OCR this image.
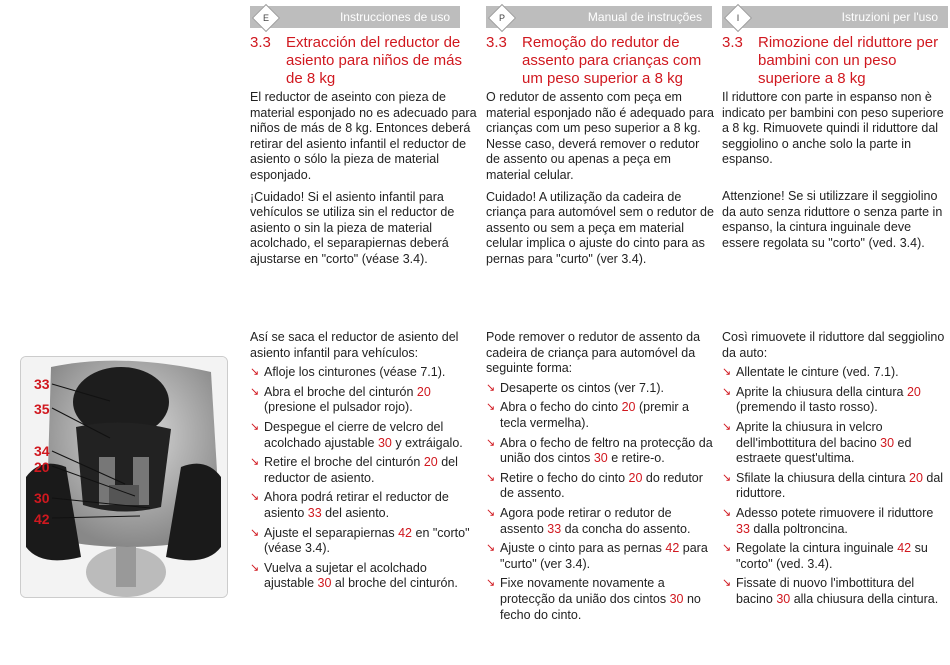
E	Instrucciones de uso
3.3 Extracción del reductor de asiento para niños de más de 8 kg

El reductor de aseinto con pieza de material esponjado no es adecuado para niños de más de 8 kg. Entonces deberá retirar del asiento infantil el reductor de asiento o sólo la pieza de material esponjado.

¡Cuidado! Si el asiento infantil para vehículos se utiliza sin el reductor de asiento o sin la pieza de material acolchado, el separapiernas deberá ajustarse en "corto" (véase 3.4).

Así se saca el reductor de asiento del asiento infantil para vehículos:

↘ Afloje los cinturones (véase 7.1).
↘ Abra el broche del cinturón 20 (presione el pulsador rojo).
↘ Despegue el cierre de velcro del acolchado ajustable 30 y extráigalo.
↘ Retire el broche del cinturón 20 del reductor de asiento.
↘ Ahora podrá retirar el reductor de asiento 33 del asiento.
↘ Ajuste el separapiernas 42 en "corto" (véase 3.4).
↘ Vuelva a sujetar el acolchado ajustable 30 al broche del cinturón.
P	Manual de instruções
3.3 Remoção do redutor de assento para crianças com um peso superior a 8 kg

O redutor de assento com peça em material esponjado não é adequado para crianças com um peso superior a 8 kg. Nesse caso, deverá remover o redutor de assento ou apenas a peça em material celular.

Cuidado! A utilização da cadeira de criança para automóvel sem o redutor de assento ou sem a peça em material celular implica o ajuste do cinto para as pernas para "curto" (ver 3.4).

Pode remover o redutor de assento da cadeira de criança para automóvel da seguinte forma:

↘ Desaperte os cintos (ver 7.1).
↘ Abra o fecho do cinto 20 (premir a tecla vermelha).
↘ Abra o fecho de feltro na protecção da união dos cintos 30 e retire-o.
↘ Retire o fecho do cinto 20 do redutor de assento.
↘ Agora pode retirar o redutor de assento 33 da concha do assento.
↘ Ajuste o cinto para as pernas 42 para "curto" (ver 3.4).
↘ Fixe novamente novamente a protecção da união dos cintos 30 no fecho do cinto.
I	Istruzioni per l'uso
3.3 Rimozione del riduttore per bambini con un peso superiore a 8 kg

Il riduttore con parte in espanso non è indicato per bambini con peso superiore a 8 kg. Rimuovete quindi il riduttore dal seggiolino o anche solo la parte in espanso.

Attenzione! Se si utilizzare il seggiolino da auto senza riduttore o senza parte in espanso, la cintura inguinale deve essere regolata su "corto" (ved. 3.4).

Così rimuovete il riduttore dal seggiolino da auto:

↘ Allentate le cinture (ved. 7.1).
↘ Aprite la chiusura della cintura 20 (premendo il tasto rosso).
↘ Aprite la chiusura in velcro dell'imbottitura del bacino 30 ed estraete quest'ultima.
↘ Sfilate la chiusura della cintura 20 dal riduttore.
↘ Adesso potete rimuovere il riduttore 33 dalla poltroncina.
↘ Regolate la cintura inguinale 42 su "corto" (ved. 3.4).
↘ Fissate di nuovo l'imbottitura del bacino 30 alla chiusura della cintura.
33
35
34
20
30
42
